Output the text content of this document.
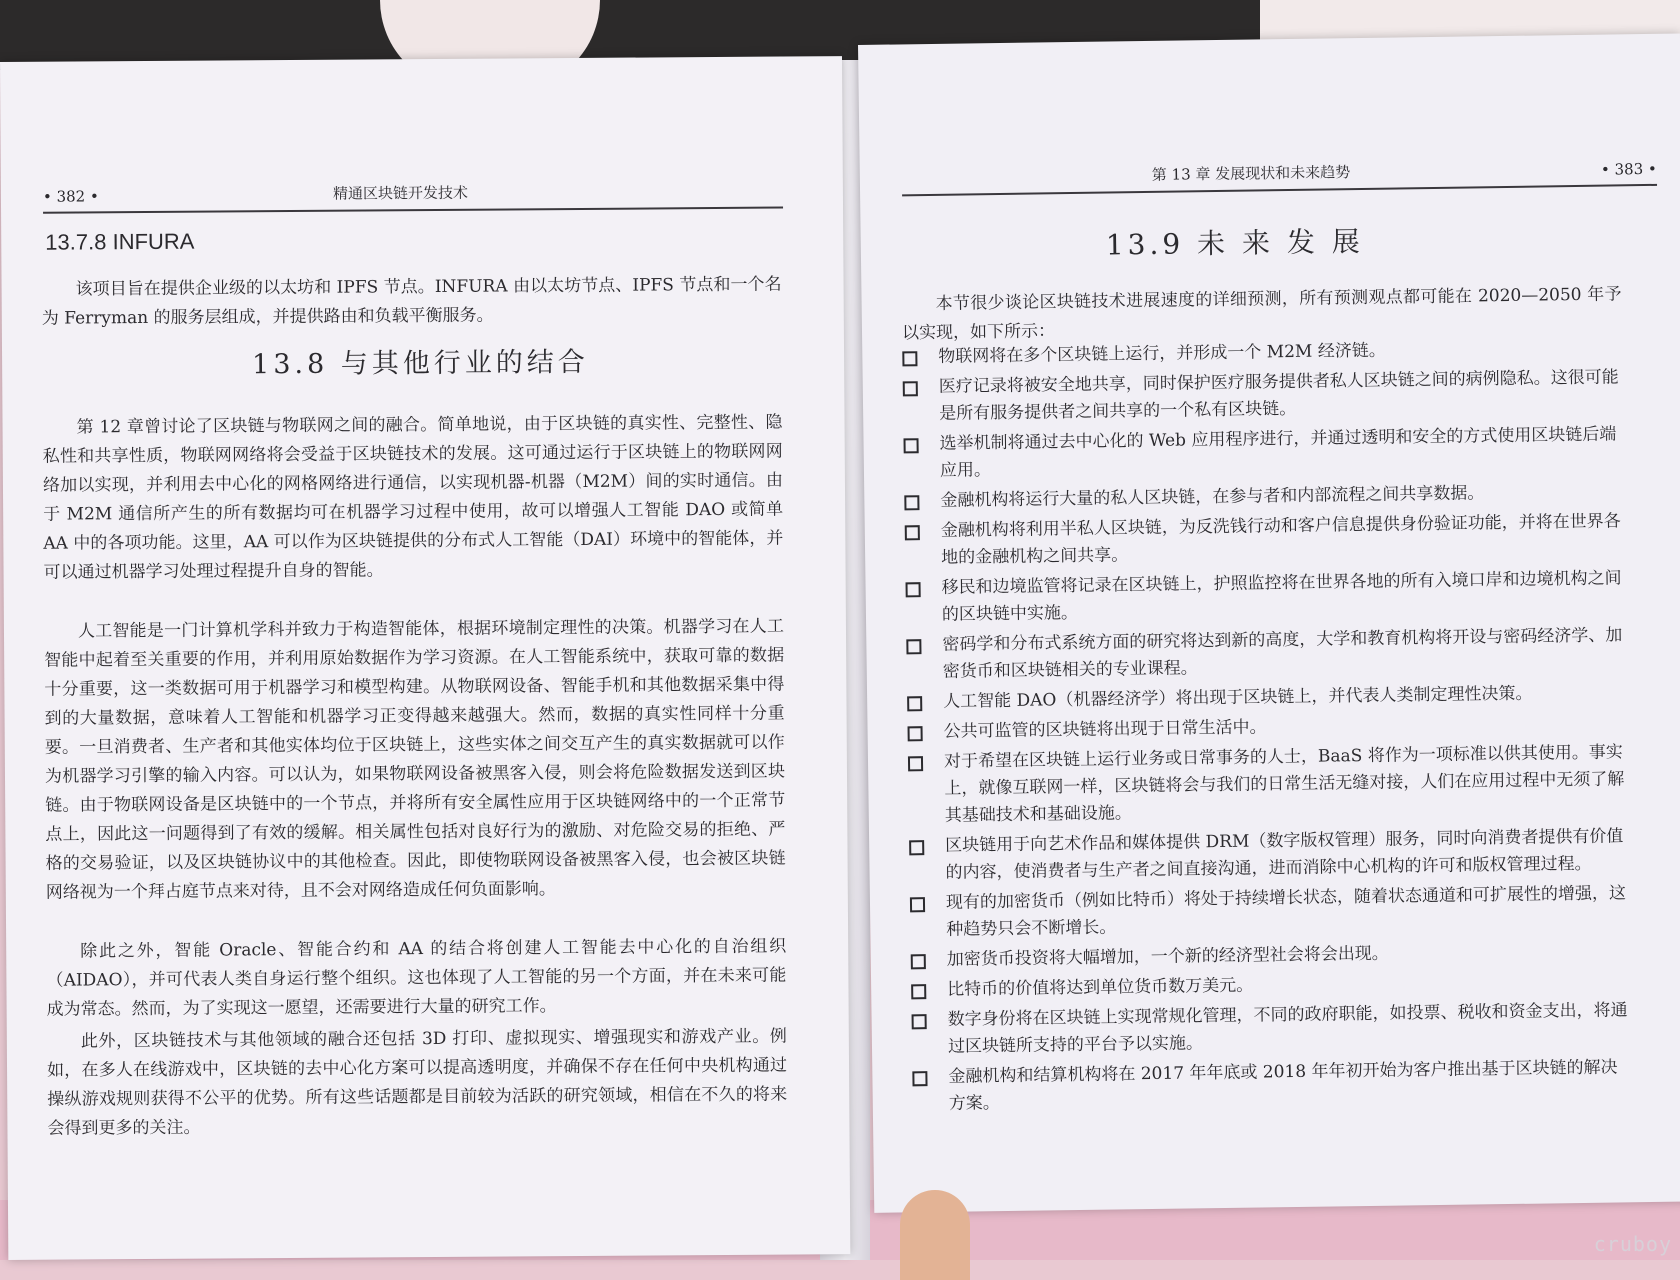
• 382 •	精通区块链开发技术
13.7.8 INFURA
该项目旨在提供企业级的以太坊和 IPFS 节点。INFURA 由以太坊节点、IPFS 节点和一个名为 Ferryman 的服务层组成，并提供路由和负载平衡服务。
13.8 与其他行业的结合
第 12 章曾讨论了区块链与物联网之间的融合。简单地说，由于区块链的真实性、完整性、隐私性和共享性质，物联网网络将会受益于区块链技术的发展。这可通过运行于区块链上的物联网网络加以实现，并利用去中心化的网格网络进行通信，以实现机器-机器（M2M）间的实时通信。由于 M2M 通信所产生的所有数据均可在机器学习过程中使用，故可以增强人工智能 DAO 或简单 AA 中的各项功能。这里，AA 可以作为区块链提供的分布式人工智能（DAI）环境中的智能体，并可以通过机器学习处理过程提升自身的智能。
人工智能是一门计算机学科并致力于构造智能体，根据环境制定理性的决策。机器学习在人工智能中起着至关重要的作用，并利用原始数据作为学习资源。在人工智能系统中，获取可靠的数据十分重要，这一类数据可用于机器学习和模型构建。从物联网设备、智能手机和其他数据采集中得到的大量数据，意味着人工智能和机器学习正变得越来越强大。然而，数据的真实性同样十分重要。一旦消费者、生产者和其他实体均位于区块链上，这些实体之间交互产生的真实数据就可以作为机器学习引擎的输入内容。可以认为，如果物联网设备被黑客入侵，则会将危险数据发送到区块链。由于物联网设备是区块链中的一个节点，并将所有安全属性应用于区块链网络中的一个正常节点上，因此这一问题得到了有效的缓解。相关属性包括对良好行为的激励、对危险交易的拒绝、严格的交易验证，以及区块链协议中的其他检查。因此，即使物联网设备被黑客入侵，也会被区块链网络视为一个拜占庭节点来对待，且不会对网络造成任何负面影响。
除此之外，智能 Oracle、智能合约和 AA 的结合将创建人工智能去中心化的自治组织（AIDAO），并可代表人类自身运行整个组织。这也体现了人工智能的另一个方面，并在未来可能成为常态。然而，为了实现这一愿望，还需要进行大量的研究工作。
此外，区块链技术与其他领域的融合还包括 3D 打印、虚拟现实、增强现实和游戏产业。例如，在多人在线游戏中，区块链的去中心化方案可以提高透明度，并确保不存在任何中央机构通过操纵游戏规则获得不公平的优势。所有这些话题都是目前较为活跃的研究领域，相信在不久的将来会得到更多的关注。
第 13 章 发展现状和未来趋势	• 383 •
13.9 未 来 发 展
本节很少谈论区块链技术进展速度的详细预测，所有预测观点都可能在 2020—2050 年予以实现，如下所示：
物联网将在多个区块链上运行，并形成一个 M2M 经济链。
医疗记录将被安全地共享，同时保护医疗服务提供者私人区块链之间的病例隐私。这很可能是所有服务提供者之间共享的一个私有区块链。
选举机制将通过去中心化的 Web 应用程序进行，并通过透明和安全的方式使用区块链后端应用。
金融机构将运行大量的私人区块链，在参与者和内部流程之间共享数据。
金融机构将利用半私人区块链，为反洗钱行动和客户信息提供身份验证功能，并将在世界各地的金融机构之间共享。
移民和边境监管将记录在区块链上，护照监控将在世界各地的所有入境口岸和边境机构之间的区块链中实施。
密码学和分布式系统方面的研究将达到新的高度，大学和教育机构将开设与密码经济学、加密货币和区块链相关的专业课程。
人工智能 DAO（机器经济学）将出现于区块链上，并代表人类制定理性决策。
公共可监管的区块链将出现于日常生活中。
对于希望在区块链上运行业务或日常事务的人士，BaaS 将作为一项标准以供其使用。事实上，就像互联网一样，区块链将会与我们的日常生活无缝对接，人们在应用过程中无须了解其基础技术和基础设施。
区块链用于向艺术作品和媒体提供 DRM（数字版权管理）服务，同时向消费者提供有价值的内容，使消费者与生产者之间直接沟通，进而消除中心机构的许可和版权管理过程。
现有的加密货币（例如比特币）将处于持续增长状态，随着状态通道和可扩展性的增强，这种趋势只会不断增长。
加密货币投资将大幅增加，一个新的经济型社会将会出现。
比特币的价值将达到单位货币数万美元。
数字身份将在区块链上实现常规化管理，不同的政府职能，如投票、税收和资金支出，将通过区块链所支持的平台予以实施。
金融机构和结算机构将在 2017 年年底或 2018 年年初开始为客户推出基于区块链的解决方案。
cruboy
